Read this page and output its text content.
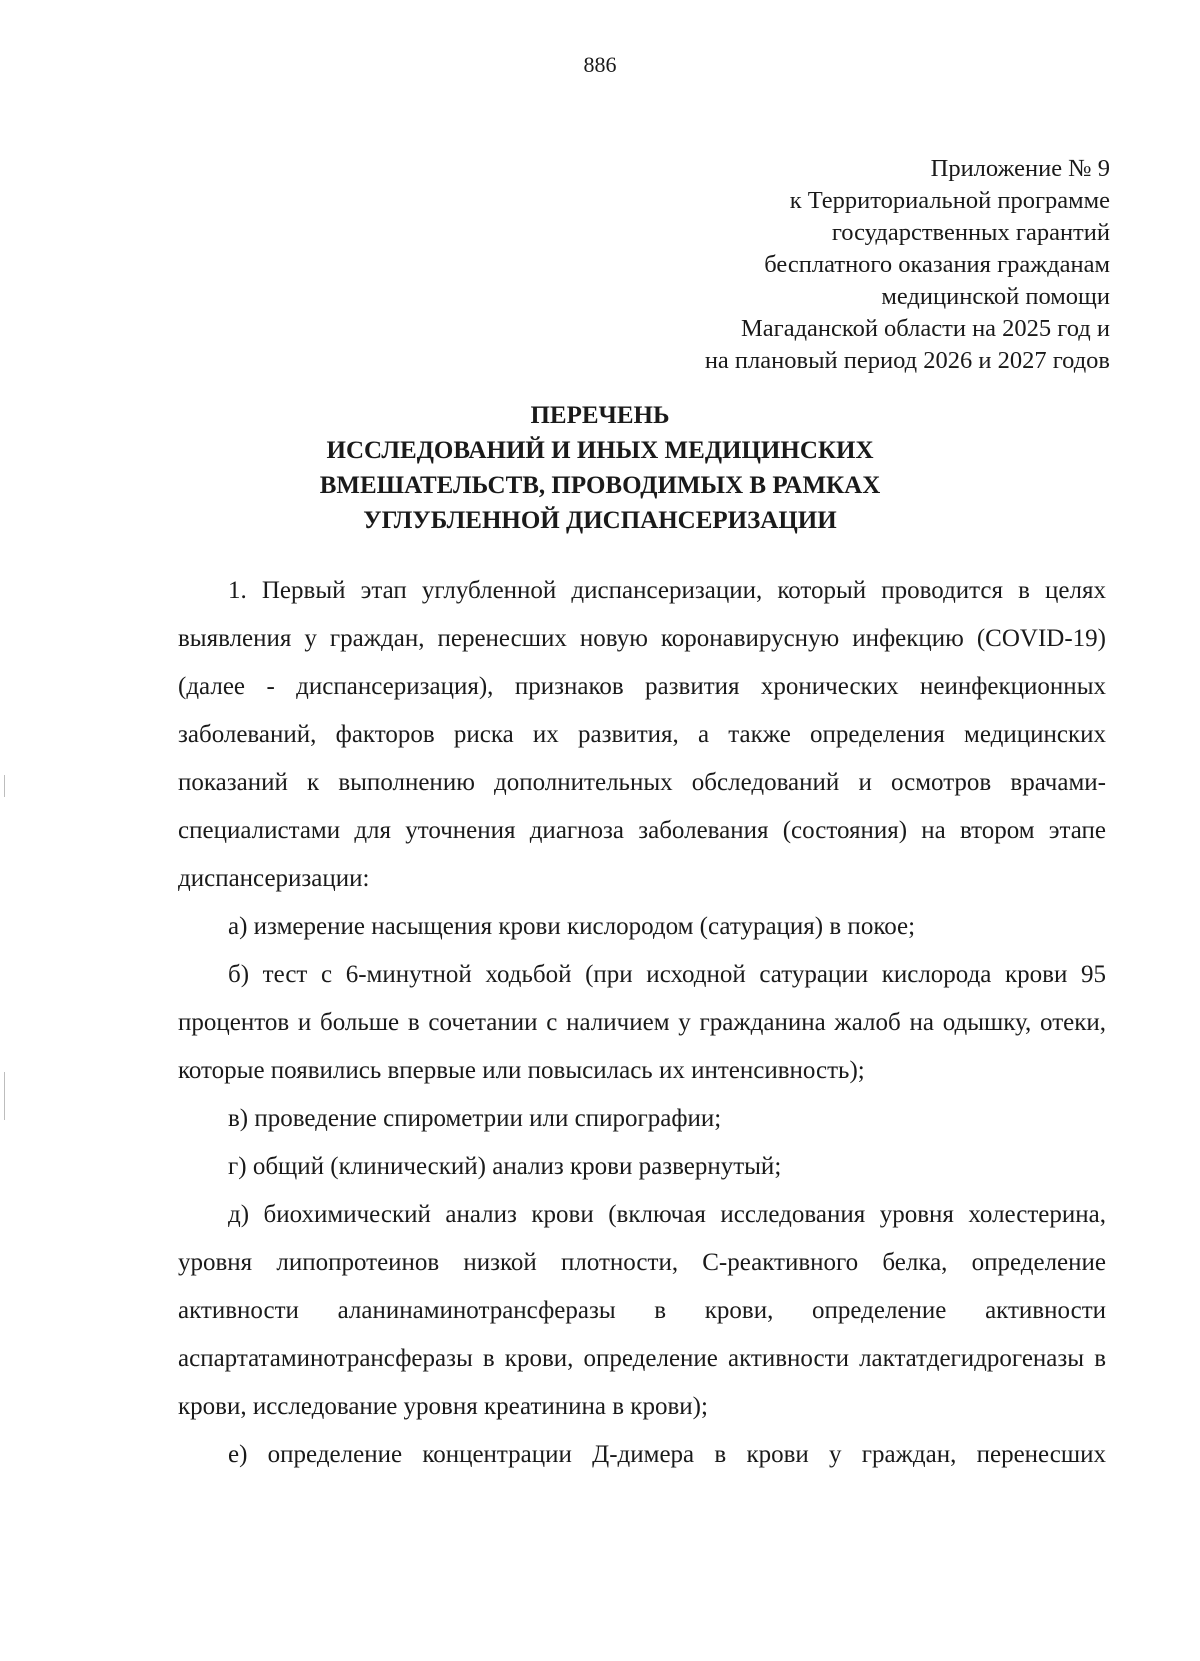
886
Приложение № 9
к Территориальной программе
государственных гарантий
бесплатного оказания гражданам
медицинской помощи
Магаданской области на 2025 год и
на плановый период 2026 и 2027 годов
ПЕРЕЧЕНЬ
ИССЛЕДОВАНИЙ И ИНЫХ МЕДИЦИНСКИХ
ВМЕШАТЕЛЬСТВ, ПРОВОДИМЫХ В РАМКАХ
УГЛУБЛЕННОЙ ДИСПАНСЕРИЗАЦИИ

1. Первый этап углубленной диспансеризации, который проводится в целях выявления у граждан, перенесших новую коронавирусную инфекцию (COVID-19) (далее - диспансеризация), признаков развития хронических неинфекционных заболеваний, факторов риска их развития, а также определения медицинских показаний к выполнению дополнительных обследований и осмотров врачами-специалистами для уточнения диагноза заболевания (состояния) на втором этапе диспансеризации:

а) измерение насыщения крови кислородом (сатурация) в покое;

б) тест с 6-минутной ходьбой (при исходной сатурации кислорода крови 95 процентов и больше в сочетании с наличием у гражданина жалоб на одышку, отеки, которые появились впервые или повысилась их интенсивность);

в) проведение спирометрии или спирографии;

г) общий (клинический) анализ крови развернутый;

д) биохимический анализ крови (включая исследования уровня холестерина, уровня липопротеинов низкой плотности, С-реактивного белка, определение активности аланинаминотрансферазы в крови, определение активности аспартатаминотрансферазы в крови, определение активности лактатдегидрогеназы в крови, исследование уровня креатинина в крови);

е) определение концентрации Д-димера в крови у граждан, перенесших
